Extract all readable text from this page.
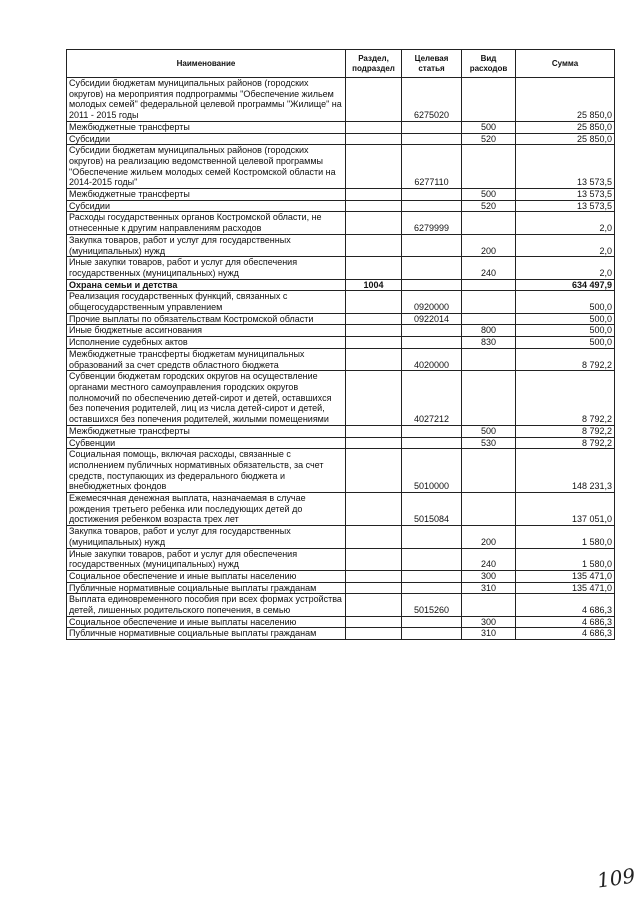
Наименование	Раздел, подраздел	Целевая статья	Вид расходов	Сумма
Субсидии бюджетам муниципальных районов (городских округов) на мероприятия подпрограммы "Обеспечение жильем молодых семей" федеральной целевой программы "Жилище" на 2011 - 2015 годы		6275020		25 850,0
Межбюджетные трансферты			500	25 850,0
Субсидии			520	25 850,0
Субсидии бюджетам муниципальных районов (городских округов) на реализацию ведомственной целевой программы "Обеспечение жильем молодых семей Костромской области на 2014-2015 годы"		6277110		13 573,5
Межбюджетные трансферты			500	13 573,5
Субсидии			520	13 573,5
Расходы государственных органов Костромской области, не отнесенные к другим направлениям расходов		6279999		2,0
Закупка товаров, работ и услуг для государственных (муниципальных) нужд			200	2,0
Иные закупки товаров, работ и услуг для обеспечения государственных (муниципальных) нужд			240	2,0
Охрана семьи и детства	1004			634 497,9
Реализация государственных функций, связанных с общегосударственным управлением		0920000		500,0
Прочие выплаты по обязательствам Костромской области		0922014		500,0
Иные бюджетные ассигнования			800	500,0
Исполнение судебных актов			830	500,0
Межбюджетные трансферты бюджетам муниципальных образований за счет средств областного бюджета		4020000		8 792,2
Субвенции бюджетам городских округов на осуществление органами местного самоуправления городских округов полномочий по обеспечению детей-сирот и детей, оставшихся без попечения родителей, лиц из числа детей-сирот и детей, оставшихся без попечения родителей, жилыми помещениями		4027212		8 792,2
Межбюджетные трансферты			500	8 792,2
Субвенции			530	8 792,2
Социальная помощь, включая расходы, связанные с исполнением публичных нормативных обязательств, за счет средств, поступающих из федерального бюджета и внебюджетных фондов		5010000		148 231,3
Ежемесячная денежная выплата, назначаемая в случае рождения третьего ребенка или последующих детей до достижения ребенком возраста трех лет		5015084		137 051,0
Закупка товаров, работ и услуг для государственных (муниципальных) нужд			200	1 580,0
Иные закупки товаров, работ и услуг для обеспечения государственных (муниципальных) нужд			240	1 580,0
Социальное обеспечение и иные выплаты населению			300	135 471,0
Публичные нормативные социальные выплаты гражданам			310	135 471,0
Выплата единовременного пособия при всех формах устройства детей, лишенных родительского попечения, в семью		5015260		4 686,3
Социальное обеспечение и иные выплаты населению			300	4 686,3
Публичные нормативные социальные выплаты гражданам			310	4 686,3
109
